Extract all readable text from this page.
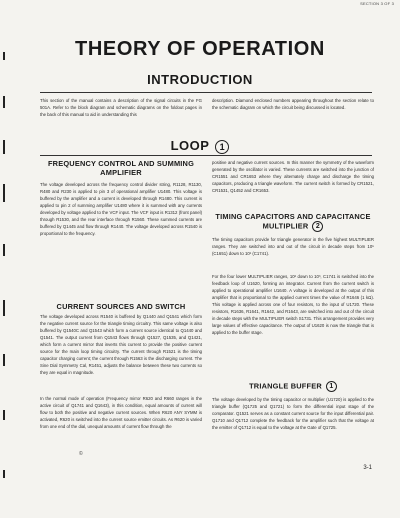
SECTION 3 OF 3
THEORY OF OPERATION
INTRODUCTION
This section of the manual contains a description of the signal circuits in the FG 501A. Refer to the block diagram and schematic diagrams on the foldout pages in the back of this manual to aid in understanding this
description. Diamond enclosed numbers appearing throughout the section relate to the schematic diagram on which the circuit being discussed is located.
LOOP 1
FREQUENCY CONTROL AND SUMMING AMPLIFIER
The voltage developed across the frequency control divider string, R1128, R1130, R480 and R230 is applied to pin 3 of operational amplifier U1480. This voltage is buffered by the amplifier and a current is developed through R1480. This current is applied to pin 2 of summing amplifier U1480 where it is summed with any currents developed by voltage applied to the VCF input. The VCF input is R1312 (front panel) through R1530, and the rear interface through R1560. These summed currents are buffered by Q1445 and flow through R1440. The voltage developed across R1540 is proportional to the frequency.
CURRENT SOURCES AND SWITCH
The voltage developed across R1540 is buffered by Q1440 and Q1541 which form the negative current source for the triangle timing circuitry. This same voltage is also buffered by Q1540C and Q1543 which form a current source identical to Q1440 and Q1541. The output current from Q1543 flows through Q1527, Q1535, and Q1421, which form a current mirror that inverts this current to provide the positive current source for the main loop timing circuitry. The current through R1521 is the timing capacitor charging current; the current through R1563 is the discharging current. The Sine Dial Symmetry Cal, R1451, adjusts the balance between these two currents so they are equal in magnitude.
In the normal mode of operation (Frequency mirror R620 and R660 ranges in the active circuit of Q1741 and Q1643), in this condition, equal amounts of current will flow to both the positive and negative current sources. When R620 ANY SYMM is activated, R620 is switched into the current source emitter circuits. As R620 is varied from one end of the dial, unequal amounts of current flow through the
positive and negative current sources. In this manner the symmetry of the waveform generated by the oscillator is varied. These currents are switched into the junction of CR1551 and CR1653 where they alternately charge and discharge the timing capacitors, producing a triangle waveform. The current switch is formed by CR1521, CR1531, Q1452 and CR1653.
TIMING CAPACITORS AND CAPACITANCE MULTIPLIER 2
The timing capacitors provide for triangle generator in the five highest MULTIPLIER ranges. They are switched into and out of the circuit in decade steps from 10⁵ (C1651) down to 10¹ (C1741).
For the four lower MULTIPLIER ranges, 10² down to 10³, C1741 is switched into the feedback loop of U1620, forming an integrator. Current from the current switch is applied to operational amplifier U1640. A voltage is developed at the output of this amplifier that is proportional to the applied current times the value of R1646 (1 kΩ). This voltage is applied across one of four resistors, to the input of U1720. These resistors, R1636, R1641, R1642, and R1643, are switched into and out of the circuit in decade steps with the MULTIPLIER switch S1731. This arrangement provides very large values of effective capacitance. The output of U1620 is now the triangle that is applied to the buffer stage.
TRIANGLE BUFFER 1
The voltage developed by the timing capacitor or multiplier (U1720) is applied to the triangle buffer (Q1725 and Q1721) to form the differential input stage of the comparator. Q1521 serves as a constant current source for the input differential pair. Q1710 and Q1712 complete the feedback for the amplifier such that the voltage at the emitter of Q1712 is equal to the voltage at the Gate of Q1725.
©
3-1
